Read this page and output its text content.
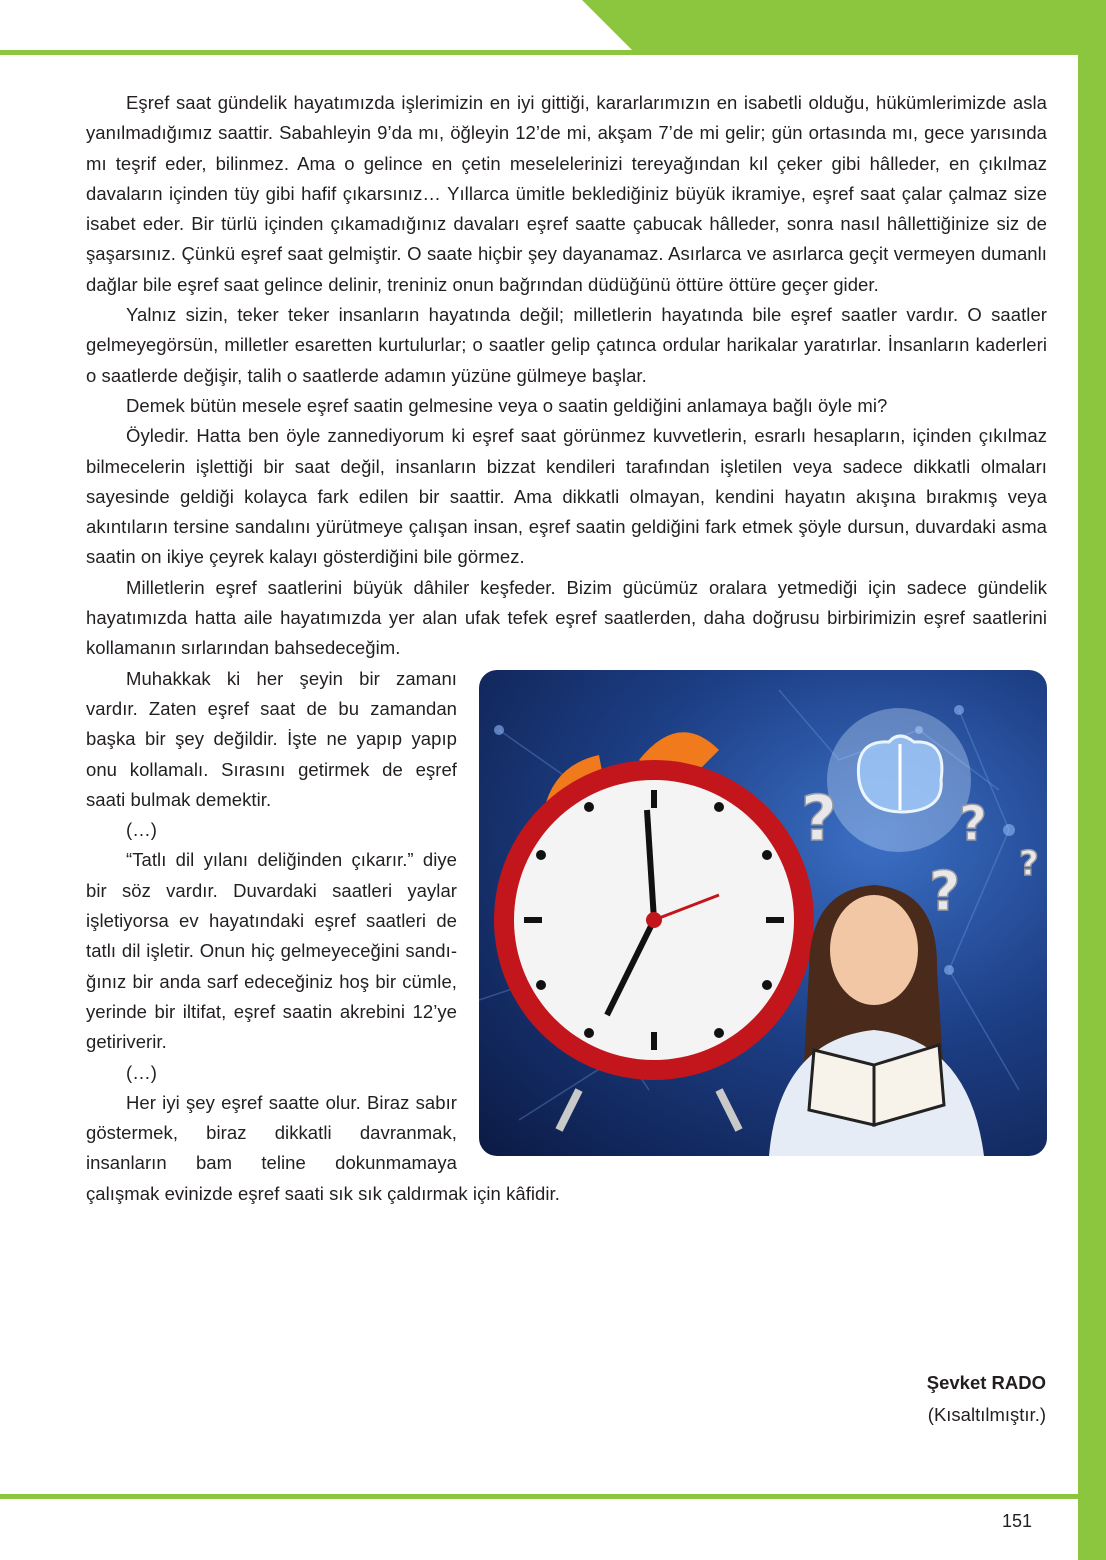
151

Eşref saat gündelik hayatımızda işlerimizin en iyi gittiği, kararlarımızın en isabetli olduğu, hükümlerimizde asla yanılmadığımız saattir. Sabahleyin 9’da mı, öğleyin 12’de mi, akşam 7’de mi gelir; gün ortasında mı, gece yarısında mı teşrif eder, bilinmez. Ama o gelince en çetin meselelerinizi tereyağından kıl çeker gibi hâlleder, en çıkılmaz davaların içinden tüy gibi hafif çıkarsınız… Yıllarca ümitle beklediğiniz büyük ikramiye, eşref saat çalar çalmaz size isabet eder. Bir türlü içinden çıkamadığınız davaları eşref saatte çabucak hâlleder, sonra nasıl hâllettiğinize siz de şaşarsınız. Çünkü eşref saat gelmiştir. O saate hiçbir şey dayanamaz. Asırlarca ve asırlarca geçit vermeyen dumanlı dağlar bile eşref saat gelince delinir, treniniz onun bağrından düdüğünü öttüre öttüre geçer gider.

Yalnız sizin, teker teker insanların hayatında değil; milletlerin hayatında bile eşref saatler vardır. O saatler gelmeyegörsün, milletler esaretten kurtulurlar; o saatler gelip çatınca ordular harikalar yaratırlar. İnsanların kaderleri o saatlerde değişir, talih o saatlerde adamın yüzüne gülmeye başlar.

Demek bütün mesele eşref saatin gelmesine veya o saatin geldiğini anlamaya bağlı öyle mi?

Öyledir. Hatta ben öyle zannediyorum ki eşref saat görünmez kuvvetlerin, esrarlı hesapların, içinden çıkılmaz bilmecelerin işlettiği bir saat değil, insanların bizzat kendileri tarafından işletilen veya sadece dikkatli olmaları sayesinde geldiği kolayca fark edilen bir saattir. Ama dikkatli olmayan, kendini hayatın akışına bırakmış veya akıntıların tersine sandalını yürütmeye çalışan insan, eşref saatin geldiğini fark etmek şöyle dursun, duvardaki asma saatin on ikiye çeyrek kalayı gösterdiğini bile görmez.

Milletlerin eşref saatlerini büyük dâhiler keşfeder. Bizim gücümüz oralara yetmediği için sadece gündelik hayatımızda hatta aile hayatımızda yer alan ufak tefek eşref saatlerden, daha doğrusu birbirimizin eşref saatlerini kollamanın sırlarından bahsedeceğim.

?	?
? ?

Muhakkak ki her şeyin bir zamanı vardır. Zaten eşref saat de bu zamandan başka bir şey değildir. İşte ne yapıp yapıp onu kollamalı. Sırasını getirmek de eşref saati bulmak demektir.

(…)

“Tatlı dil yılanı deliğinden çıkarır.” diye bir söz vardır. Duvardaki saatleri yaylar işletiyorsa ev hayatındaki eşref saatleri de tatlı dil işletir. Onun hiç gelmeyeceğini sandığınız bir anda sarf edeceğiniz hoş bir cümle, yerinde bir iltifat, eşref saatin akrebini 12’ye getiriverir.

(…)

Her iyi şey eşref saatte olur. Biraz sabır göstermek, biraz dikkatli davranmak, insanların bam teline dokunmamaya çalışmak evinizde eşref saati sık sık çaldırmak için kâfidir.

Şevket RADO
(Kısaltılmıştır.)
